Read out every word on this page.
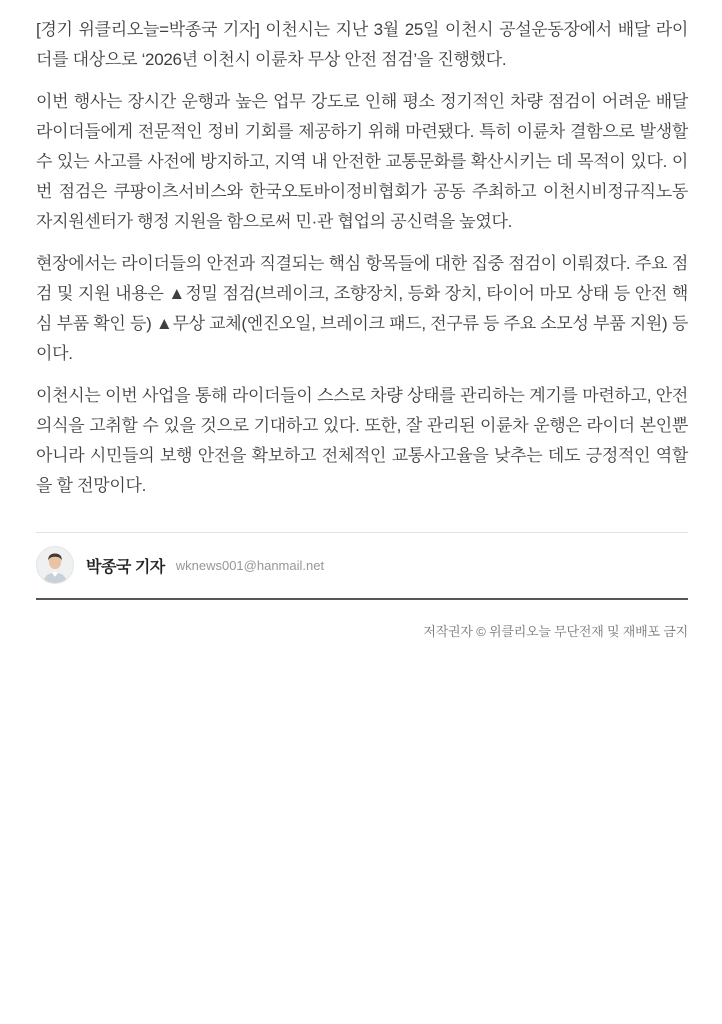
[경기 위클리오늘=박종국 기자] 이천시는 지난 3월 25일 이천시 공설운동장에서 배달 라이더를 대상으로 ‘2026년 이천시 이륜차 무상 안전 점검’을 진행했다.

이번 행사는 장시간 운행과 높은 업무 강도로 인해 평소 정기적인 차량 점검이 어려운 배달 라이더들에게 전문적인 정비 기회를 제공하기 위해 마련됐다. 특히 이륜차 결함으로 발생할 수 있는 사고를 사전에 방지하고, 지역 내 안전한 교통문화를 확산시키는 데 목적이 있다. 이번 점검은 쿠팡이츠서비스와 한국오토바이정비협회가 공동 주최하고 이천시비정규직노동자지원센터가 행정 지원을 함으로써 민·관 협업의 공신력을 높였다.

현장에서는 라이더들의 안전과 직결되는 핵심 항목들에 대한 집중 점검이 이뤄졌다. 주요 점검 및 지원 내용은 ▲정밀 점검(브레이크, 조향장치, 등화 장치, 타이어 마모 상태 등 안전 핵심 부품 확인 등) ▲무상 교체(엔진오일, 브레이크 패드, 전구류 등 주요 소모성 부품 지원) 등이다.

이천시는 이번 사업을 통해 라이더들이 스스로 차량 상태를 관리하는 계기를 마련하고, 안전 의식을 고취할 수 있을 것으로 기대하고 있다. 또한, 잘 관리된 이륜차 운행은 라이더 본인뿐 아니라 시민들의 보행 안전을 확보하고 전체적인 교통사고율을 낮추는 데도 긍정적인 역할을 할 전망이다.

박종국 기자 wknews001@hanmail.net
저작권자 © 위클리오늘 무단전재 및 재배포 금지
